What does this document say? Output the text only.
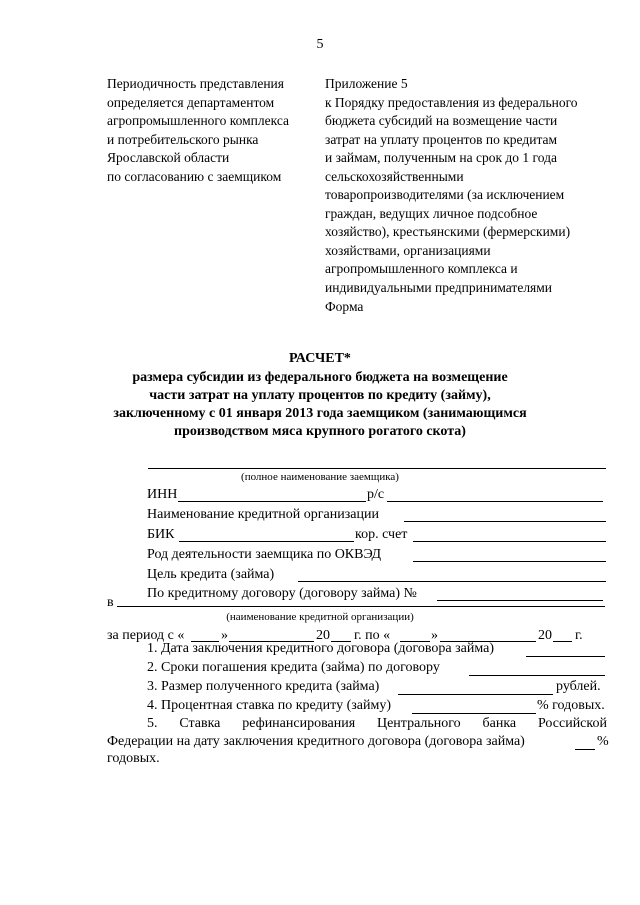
5
Периодичность представления
определяется департаментом
агропромышленного комплекса
и потребительского рынка
Ярославской области
по согласованию с заемщиком
Приложение 5
к Порядку предоставления из федерального
бюджета субсидий на возмещение части
затрат на уплату процентов по кредитам
и займам, полученным на срок до 1 года
сельскохозяйственными
товаропроизводителями (за исключением
граждан, ведущих личное подсобное
хозяйство), крестьянскими (фермерскими)
хозяйствами, организациями
агропромышленного комплекса и
индивидуальными предпринимателями
Форма
РАСЧЕТ*
размера субсидии из федерального бюджета на возмещение
части затрат на уплату процентов по кредиту (займу),
заключенному с 01 января 2013 года заемщиком (занимающимся
производством мяса крупного рогатого скота)
(полное наименование заемщика)
ИНН	р/с
Наименование кредитной организации
БИК	кор. счет
Род деятельности заемщика по ОКВЭД
Цель кредита (займа)
По кредитному договору (договору займа) №
в
(наименование кредитной организации)
за период с «	»	20 г. по «	»	20 г.
1. Дата заключения кредитного договора (договора займа)
2. Сроки погашения кредита (займа) по договору
3. Размер полученного кредита (займа)	рублей.
4. Процентная ставка по кредиту (займу)	% годовых.
5. Ставка рефинансирования Центрального банка Российской
Федерации на дату заключения кредитного договора (договора займа)	%
годовых.
